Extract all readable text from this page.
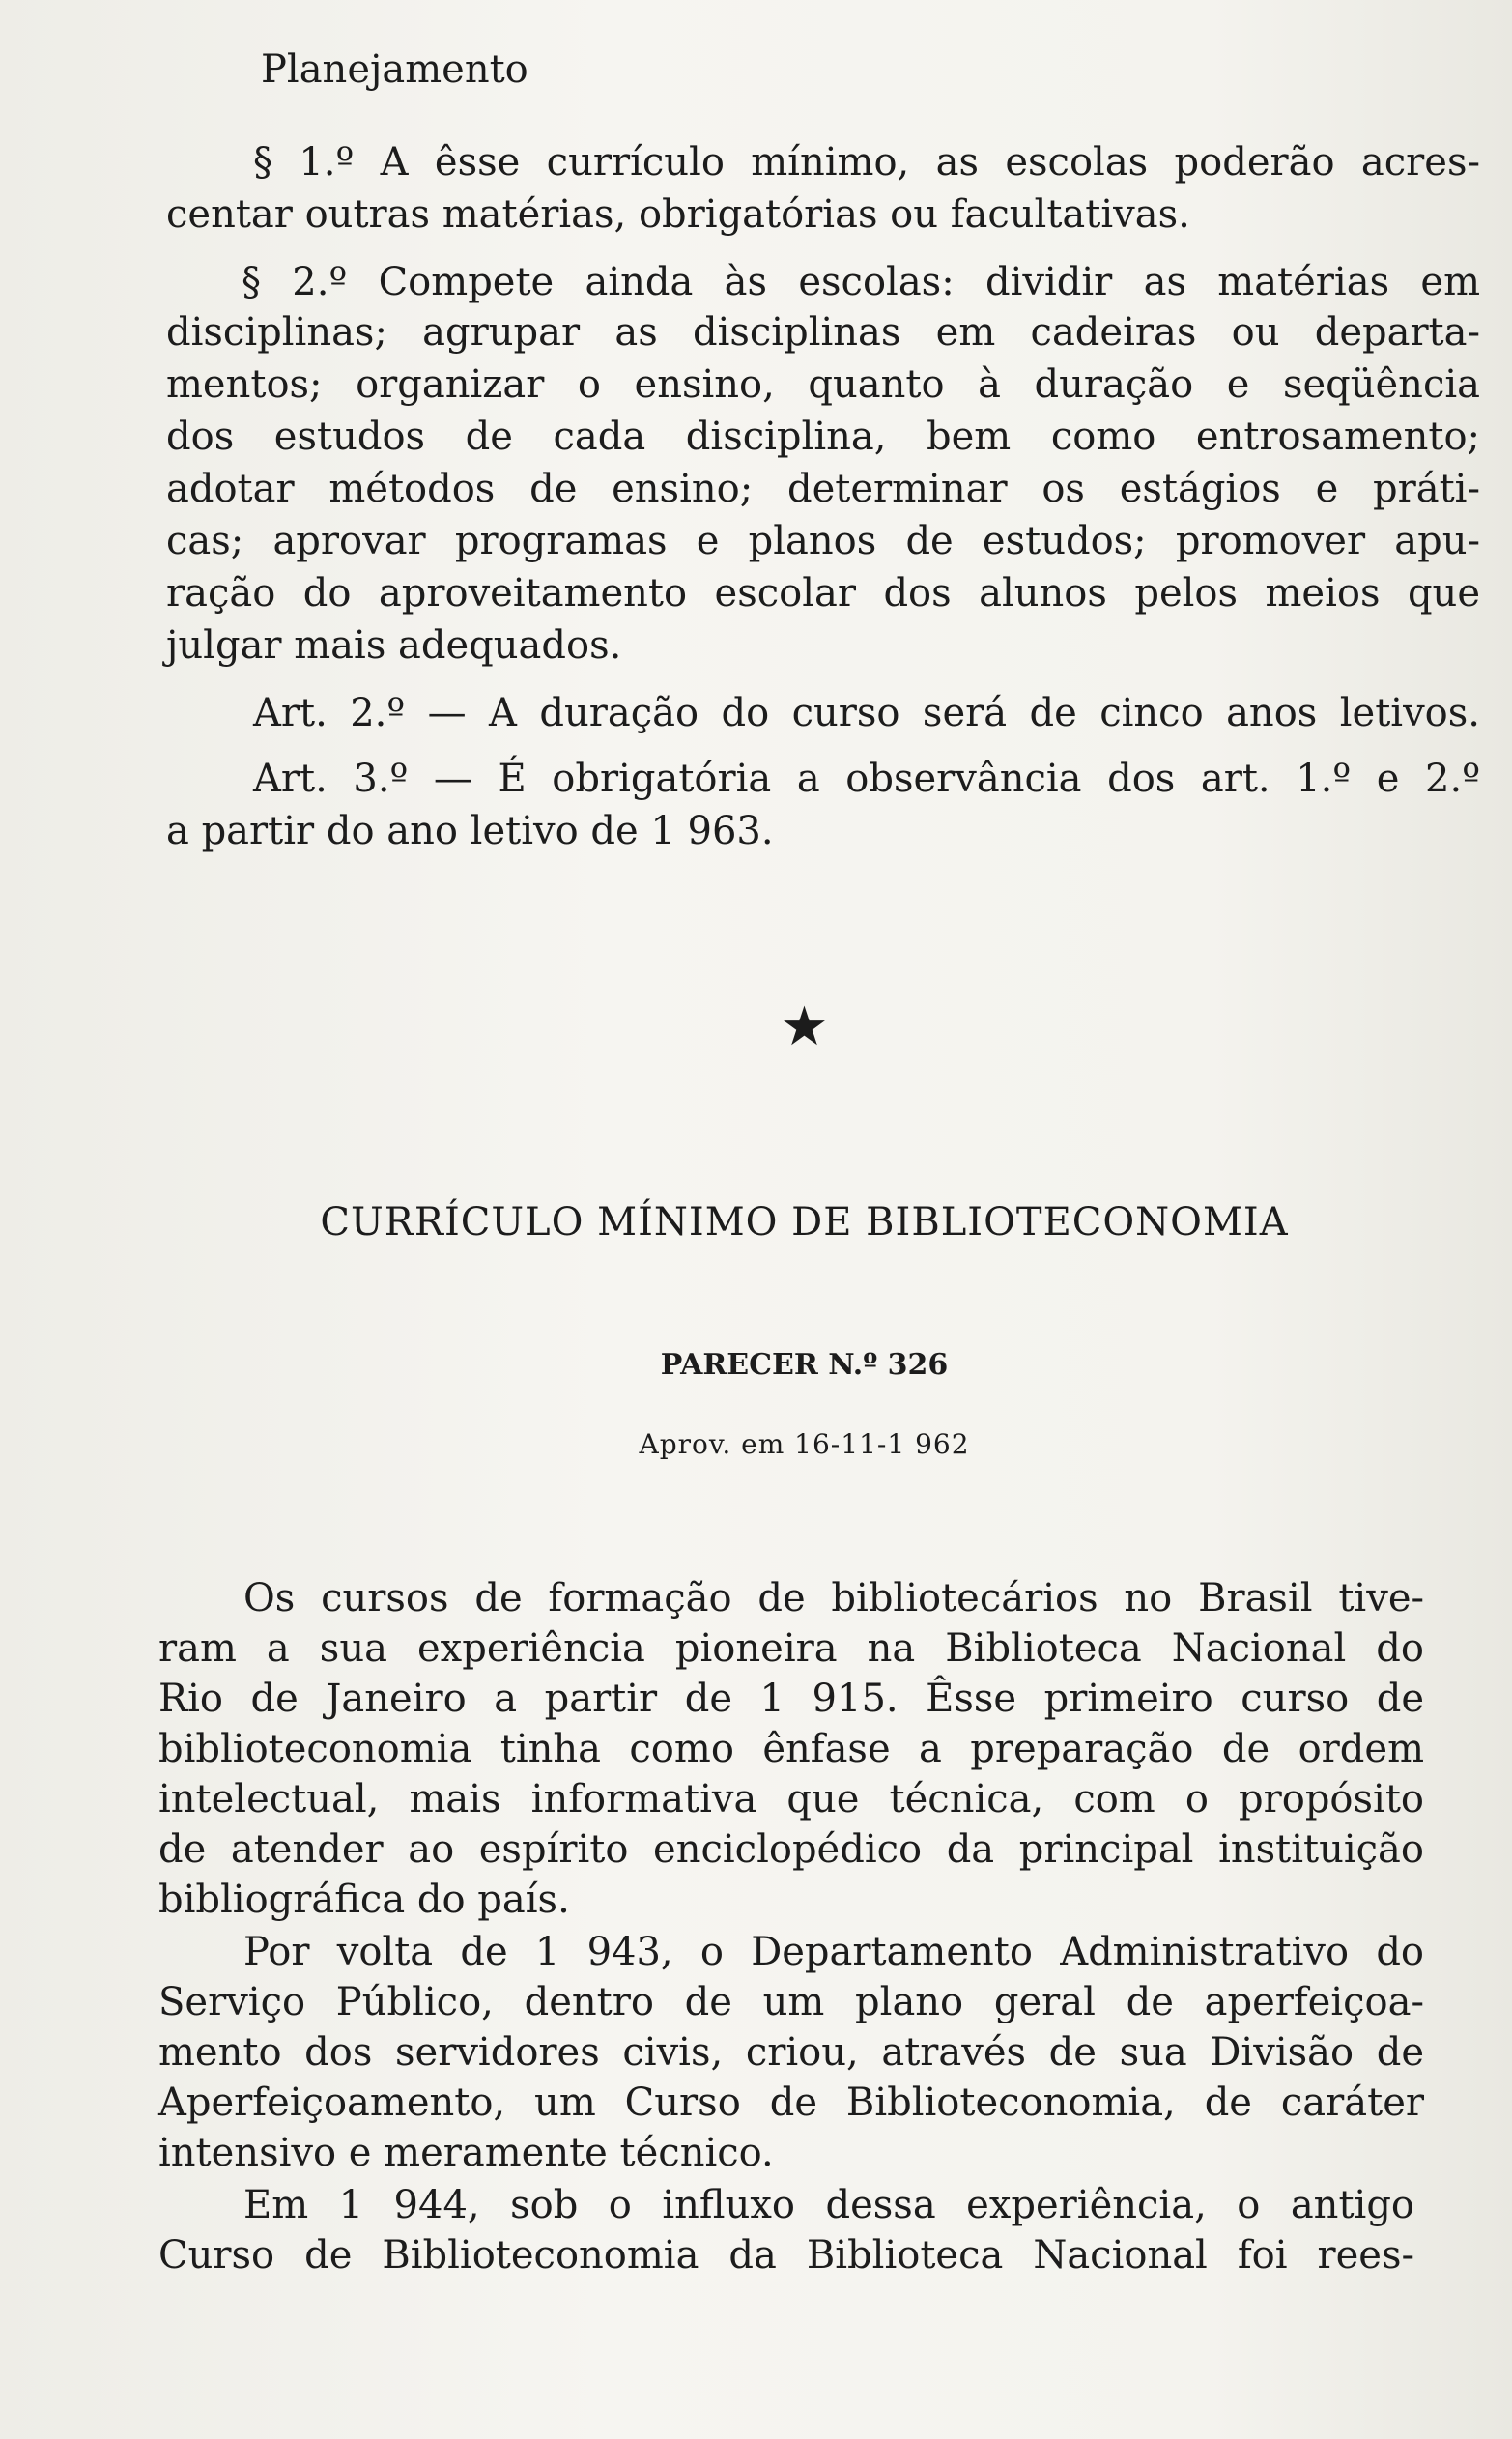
Planejamento
§ 1.º A êsse currículo mínimo, as escolas poderão acres-
centar outras matérias, obrigatórias ou facultativas.
§ 2.º Compete ainda às escolas: dividir as matérias em
disciplinas; agrupar as disciplinas em cadeiras ou departa-
mentos; organizar o ensino, quanto à duração e seqüência
dos estudos de cada disciplina, bem como entrosamento;
adotar métodos de ensino; determinar os estágios e práti-
cas; aprovar programas e planos de estudos; promover apu-
ração do aproveitamento escolar dos alunos pelos meios que
julgar mais adequados.
Art. 2.º — A duração do curso será de cinco anos letivos.
Art. 3.º — É obrigatória a observância dos art. 1.º e 2.º
a partir do ano letivo de 1 963.
★
CURRÍCULO MÍNIMO DE BIBLIOTECONOMIA
PARECER N.º 326
Aprov. em 16-11-1 962
Os cursos de formação de bibliotecários no Brasil tive-
ram a sua experiência pioneira na Biblioteca Nacional do
Rio de Janeiro a partir de 1 915. Êsse primeiro curso de
biblioteconomia tinha como ênfase a preparação de ordem
intelectual, mais informativa que técnica, com o propósito
de atender ao espírito enciclopédico da principal instituição
bibliográfica do país.
Por volta de 1 943, o Departamento Administrativo do
Serviço Público, dentro de um plano geral de aperfeiçoa-
mento dos servidores civis, criou, através de sua Divisão de
Aperfeiçoamento, um Curso de Biblioteconomia, de caráter
intensivo e meramente técnico.
Em 1 944, sob o influxo dessa experiência, o antigo
Curso de Biblioteconomia da Biblioteca Nacional foi rees-
